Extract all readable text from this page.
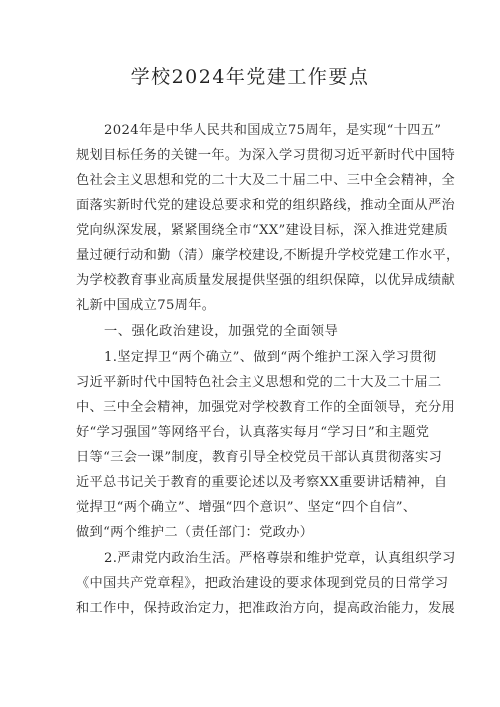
学校2024年党建工作要点
2024年是中华人民共和国成立75周年，是实现“十四五”
规划目标任务的关键一年。为深入学习贯彻习近平新时代中国特
色社会主义思想和党的二十大及二十届二中、三中全会精神，全
面落实新时代党的建设总要求和党的组织路线，推动全面从严治
党向纵深发展，紧紧围绕全市“XX”建设目标，深入推进党建质
量过硬行动和勤（清）廉学校建设,不断提升学校党建工作水平，
为学校教育事业高质量发展提供坚强的组织保障，以优异成绩献
礼新中国成立75周年。
一、强化政治建设，加强党的全面领导
1.坚定捍卫“两个确立”、做到“两个维护工深入学习贯彻
习近平新时代中国特色社会主义思想和党的二十大及二十届二
中、三中全会精神，加强党对学校教育工作的全面领导，充分用
好“学习强国”等网络平台，认真落实每月“学习日”和主题党
日等“三会一课”制度，教育引导全校党员干部认真贯彻落实习
近平总书记关于教育的重要论述以及考察XX重要讲话精神，自
觉捍卫“两个确立”、增强“四个意识”、坚定“四个自信”、
做到“两个维护二（责任部门：党政办）
2.严肃党内政治生活。严格尊崇和维护党章，认真组织学习
《中国共产党章程》，把政治建设的要求体现到党员的日常学习
和工作中，保持政治定力，把准政治方向，提高政治能力，发展
